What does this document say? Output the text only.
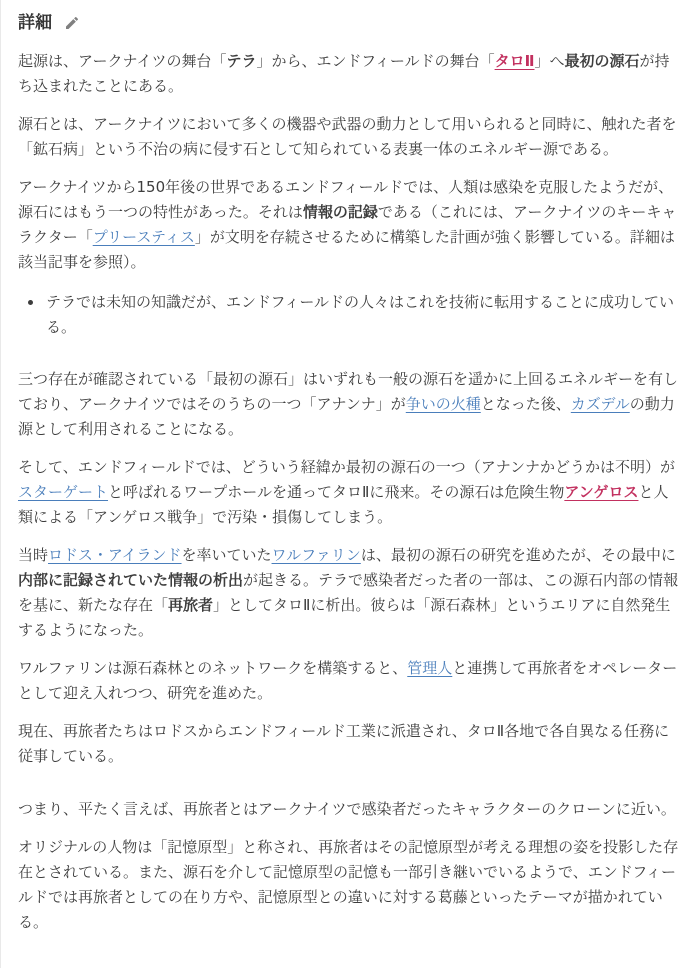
詳細

起源は、アークナイツの舞台「テラ」から、エンドフィールドの舞台「タロⅡ」へ最初の源石が持ち込まれたことにある。

源石とは、アークナイツにおいて多くの機器や武器の動力として用いられると同時に、触れた者を「鉱石病」という不治の病に侵す石として知られている表裏一体のエネルギー源である。

アークナイツから150年後の世界であるエンドフィールドでは、人類は感染を克服したようだが、源石にはもう一つの特性があった。それは情報の記録である（これには、アークナイツのキーキャラクター「プリースティス」が文明を存続させるために構築した計画が強く影響している。詳細は該当記事を参照）。

• テラでは未知の知識だが、エンドフィールドの人々はこれを技術に転用することに成功している。

三つ存在が確認されている「最初の源石」はいずれも一般の源石を遥かに上回るエネルギーを有しており、アークナイツではそのうちの一つ「アナンナ」が争いの火種となった後、カズデルの動力源として利用されることになる。

そして、エンドフィールドでは、どういう経緯か最初の源石の一つ（アナンナかどうかは不明）がスターゲートと呼ばれるワープホールを通ってタロⅡに飛来。その源石は危険生物アンゲロスと人類による「アンゲロス戦争」で汚染・損傷してしまう。

当時ロドス・アイランドを率いていたワルファリンは、最初の源石の研究を進めたが、その最中に内部に記録されていた情報の析出が起きる。テラで感染者だった者の一部は、この源石内部の情報を基に、新たな存在「再旅者」としてタロⅡに析出。彼らは「源石森林」というエリアに自然発生するようになった。

ワルファリンは源石森林とのネットワークを構築すると、管理人と連携して再旅者をオペレーターとして迎え入れつつ、研究を進めた。

現在、再旅者たちはロドスからエンドフィールド工業に派遣され、タロⅡ各地で各自異なる任務に従事している。

つまり、平たく言えば、再旅者とはアークナイツで感染者だったキャラクターのクローンに近い。

オリジナルの人物は「記憶原型」と称され、再旅者はその記憶原型が考える理想の姿を投影した存在とされている。また、源石を介して記憶原型の記憶も一部引き継いでいるようで、エンドフィールドでは再旅者としての在り方や、記憶原型との違いに対する葛藤といったテーマが描かれている。
